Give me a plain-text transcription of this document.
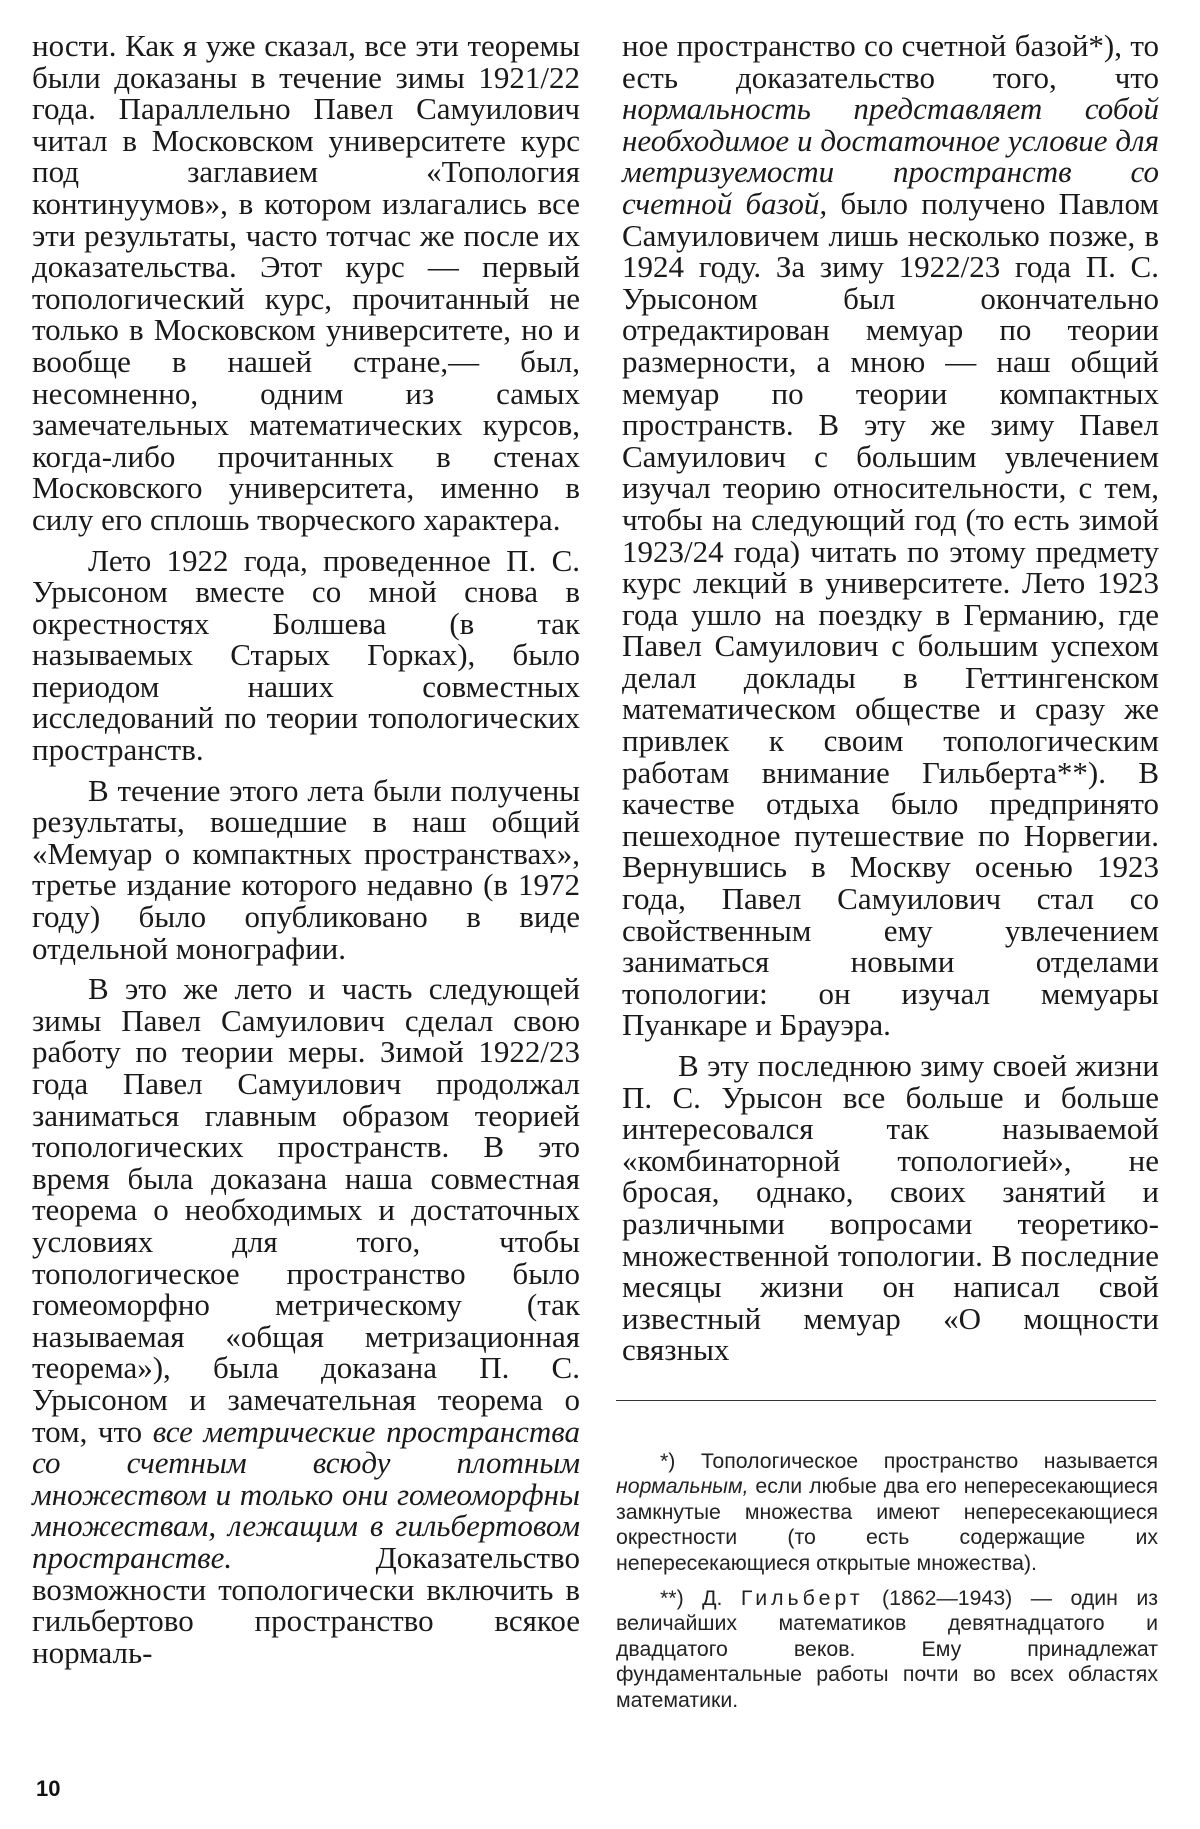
ности. Как я уже сказал, все эти теоремы были доказаны в течение зимы 1921/22 года. Параллельно Павел Самуилович читал в Московском университете курс под заглавием «Топология континуумов», в котором излагались все эти результаты, часто тотчас же после их доказательства. Этот курс — первый топологический курс, прочитанный не только в Московском университете, но и вообще в нашей стране,— был, несомненно, одним из самых замечательных математических курсов, когда-либо прочитанных в стенах Московского университета, именно в силу его сплошь творческого характера.

Лето 1922 года, проведенное П. С. Урысоном вместе со мной снова в окрестностях Болшева (в так называемых Старых Горках), было периодом наших совместных исследований по теории топологических пространств.

В течение этого лета были получены результаты, вошедшие в наш общий «Мемуар о компактных пространствах», третье издание которого недавно (в 1972 году) было опубликовано в виде отдельной монографии.

В это же лето и часть следующей зимы Павел Самуилович сделал свою работу по теории меры. Зимой 1922/23 года Павел Самуилович продолжал заниматься главным образом теорией топологических пространств. В это время была доказана наша совместная теорема о необходимых и достаточных условиях для того, чтобы топологическое пространство было гомеоморфно метрическому (так называемая «общая метризационная теорема»), была доказана П. С. Урысоном и замечательная теорема о том, что все метрические пространства со счетным всюду плотным множеством и только они гомеоморфны множествам, лежащим в гильбертовом пространстве. Доказательство возможности топологически включить в гильбертово пространство всякое нормаль-

ное пространство со счетной базой*), то есть доказательство того, что нормальность представляет собой необходимое и достаточное условие для метризуемости пространств со счетной базой, было получено Павлом Самуиловичем лишь несколько позже, в 1924 году. За зиму 1922/23 года П. С. Урысоном был окончательно отредактирован мемуар по теории размерности, а мною — наш общий мемуар по теории компактных пространств. В эту же зиму Павел Самуилович с большим увлечением изучал теорию относительности, с тем, чтобы на следующий год (то есть зимой 1923/24 года) читать по этому предмету курс лекций в университете. Лето 1923 года ушло на поездку в Германию, где Павел Самуилович с большим успехом делал доклады в Геттингенском математическом обществе и сразу же привлек к своим топологическим работам внимание Гильберта**). В качестве отдыха было предпринято пешеходное путешествие по Норвегии. Вернувшись в Москву осенью 1923 года, Павел Самуилович стал со свойственным ему увлечением заниматься новыми отделами топологии: он изучал мемуары Пуанкаре и Брауэра.

В эту последнюю зиму своей жизни П. С. Урысон все больше и больше интересовался так называемой «комбинаторной топологией», не бросая, однако, своих занятий и различными вопросами теоретико-множественной топологии. В последние месяцы жизни он написал свой известный мемуар «О мощности связных

*) Топологическое пространство называется нормальным, если любые два его непересекающиеся замкнутые множества имеют непересекающиеся окрестности (то есть содержащие их непересекающиеся открытые множества).

**) Д. Гильберт (1862—1943) — один из величайших математиков девятнадцатого и двадцатого веков. Ему принадлежат фундаментальные работы почти во всех областях математики.

10
